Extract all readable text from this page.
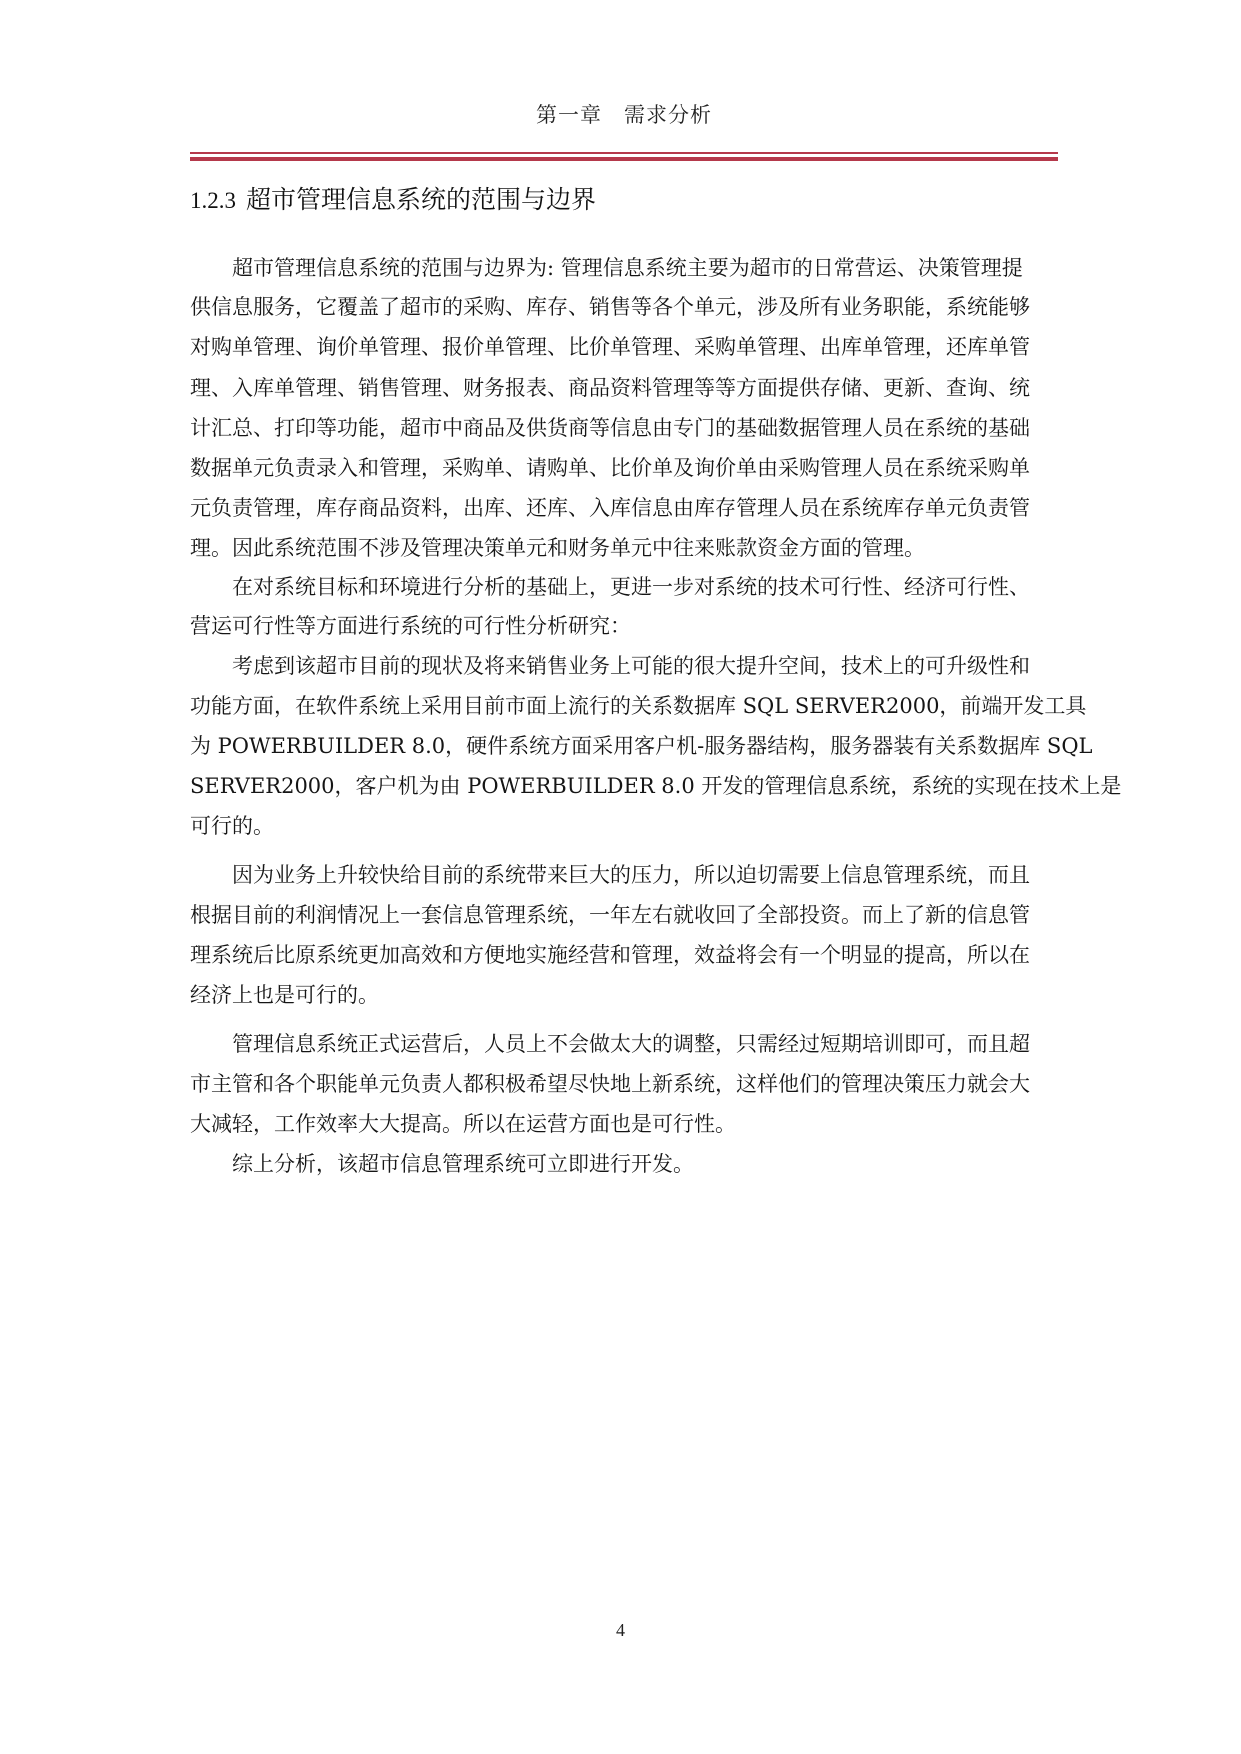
第一章　需求分析
1.2.3 超市管理信息系统的范围与边界
超市管理信息系统的范围与边界为: 管理信息系统主要为超市的日常营运、决策管理提
供信息服务，它覆盖了超市的采购、库存、销售等各个单元，涉及所有业务职能，系统能够
对购单管理、询价单管理、报价单管理、比价单管理、采购单管理、出库单管理，还库单管
理、入库单管理、销售管理、财务报表、商品资料管理等等方面提供存储、更新、查询、统
计汇总、打印等功能，超市中商品及供货商等信息由专门的基础数据管理人员在系统的基础
数据单元负责录入和管理，采购单、请购单、比价单及询价单由采购管理人员在系统采购单
元负责管理，库存商品资料，出库、还库、入库信息由库存管理人员在系统库存单元负责管
理。因此系统范围不涉及管理决策单元和财务单元中往来账款资金方面的管理。
在对系统目标和环境进行分析的基础上，更进一步对系统的技术可行性、经济可行性、
营运可行性等方面进行系统的可行性分析研究：
考虑到该超市目前的现状及将来销售业务上可能的很大提升空间，技术上的可升级性和
功能方面，在软件系统上采用目前市面上流行的关系数据库 SQL SERVER2000，前端开发工具
为 POWERBUILDER 8.0，硬件系统方面采用客户机-服务器结构，服务器装有关系数据库 SQL
SERVER2000，客户机为由 POWERBUILDER 8.0 开发的管理信息系统，系统的实现在技术上是
可行的。
因为业务上升较快给目前的系统带来巨大的压力，所以迫切需要上信息管理系统，而且
根据目前的利润情况上一套信息管理系统，一年左右就收回了全部投资。而上了新的信息管
理系统后比原系统更加高效和方便地实施经营和管理，效益将会有一个明显的提高，所以在
经济上也是可行的。
管理信息系统正式运营后，人员上不会做太大的调整，只需经过短期培训即可，而且超
市主管和各个职能单元负责人都积极希望尽快地上新系统，这样他们的管理决策压力就会大
大减轻，工作效率大大提高。所以在运营方面也是可行性。
综上分析，该超市信息管理系统可立即进行开发。
4
